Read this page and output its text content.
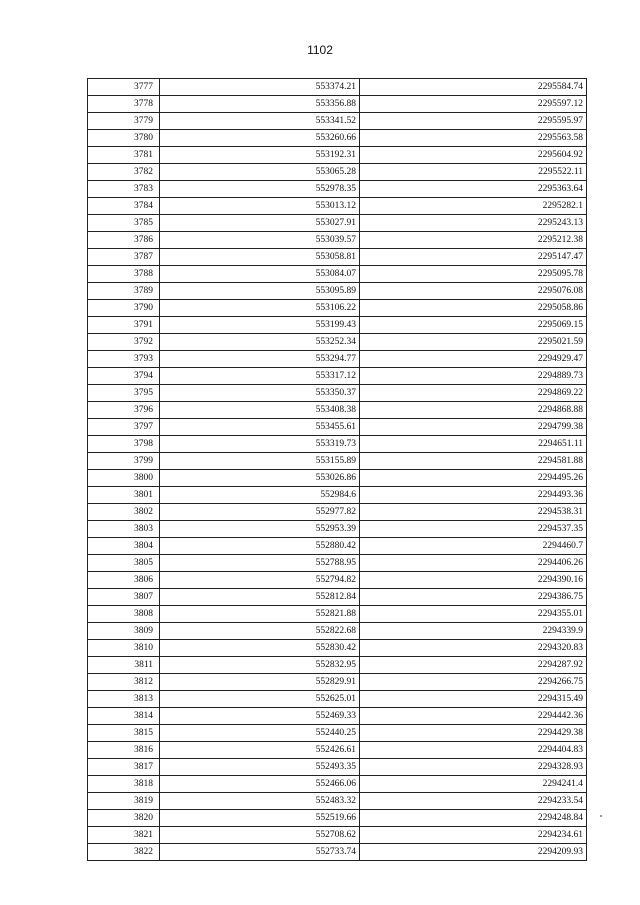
1102
3777	553374.21	2295584.74
3778	553356.88	2295597.12
3779	553341.52	2295595.97
3780	553260.66	2295563.58
3781	553192.31	2295604.92
3782	553065.28	2295522.11
3783	552978.35	2295363.64
3784	553013.12	2295282.1
3785	553027.91	2295243.13
3786	553039.57	2295212.38
3787	553058.81	2295147.47
3788	553084.07	2295095.78
3789	553095.89	2295076.08
3790	553106.22	2295058.86
3791	553199.43	2295069.15
3792	553252.34	2295021.59
3793	553294.77	2294929.47
3794	553317.12	2294889.73
3795	553350.37	2294869.22
3796	553408.38	2294868.88
3797	553455.61	2294799.38
3798	553319.73	2294651.11
3799	553155.89	2294581.88
3800	553026.86	2294495.26
3801	552984.6	2294493.36
3802	552977.82	2294538.31
3803	552953.39	2294537.35
3804	552880.42	2294460.7
3805	552788.95	2294406.26
3806	552794.82	2294390.16
3807	552812.84	2294386.75
3808	552821.88	2294355.01
3809	552822.68	2294339.9
3810	552830.42	2294320.83
3811	552832.95	2294287.92
3812	552829.91	2294266.75
3813	552625.01	2294315.49
3814	552469.33	2294442.36
3815	552440.25	2294429.38
3816	552426.61	2294404.83
3817	552493.35	2294328.93
3818	552466.06	2294241.4
3819	552483.32	2294233.54
3820	552519.66	2294248.84
3821	552708.62	2294234.61
3822	552733.74	2294209.93
